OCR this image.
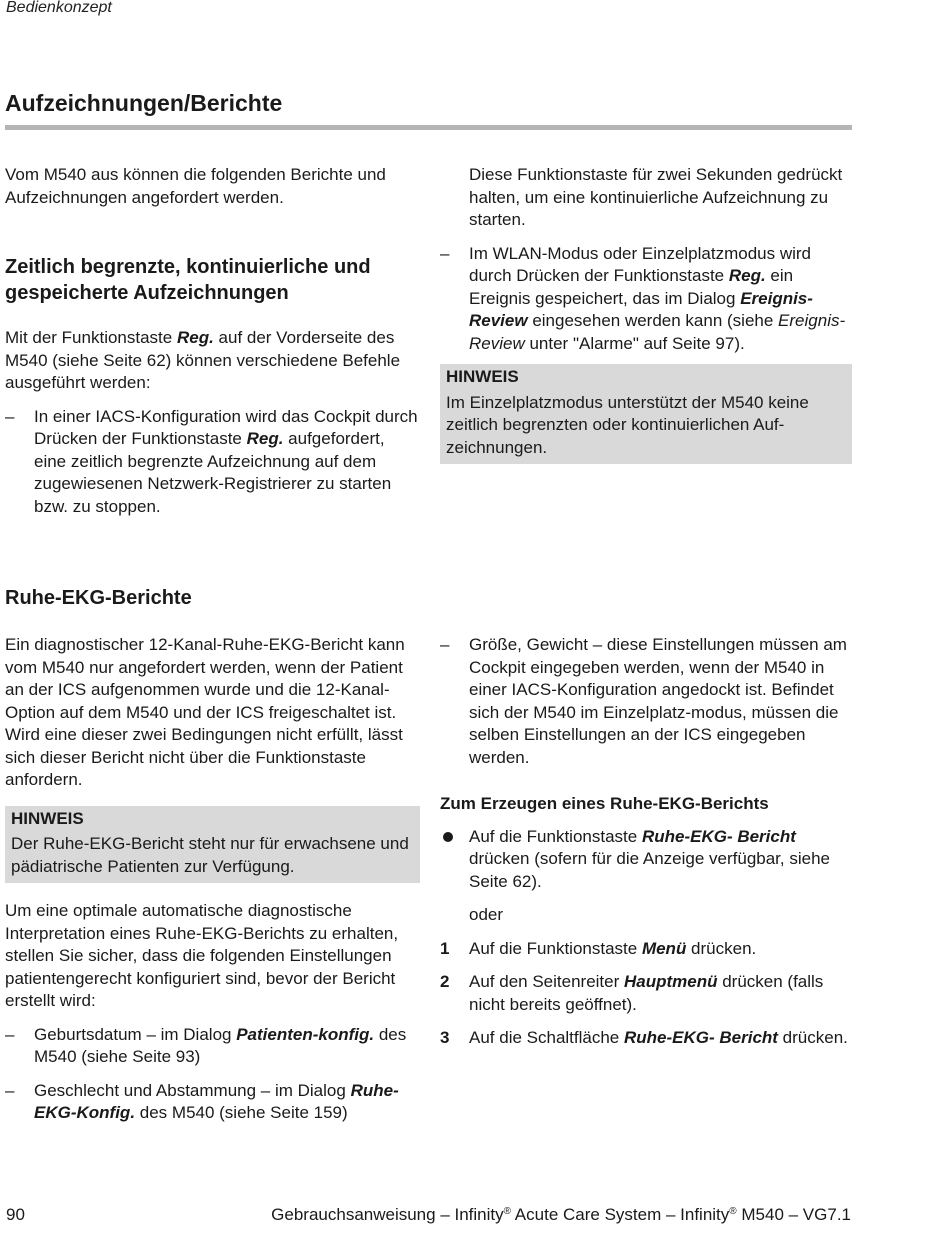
Bedienkonzept
Aufzeichnungen/Berichte

Vom M540 aus können die folgenden Berichte und Aufzeichnungen angefordert werden.

Zeitlich begrenzte, kontinuierliche und gespeicherte Aufzeichnungen

Mit der Funktionstaste Reg. auf der Vorderseite des M540 (siehe Seite 62) können verschiedene Befehle ausgeführt werden:

– In einer IACS-Konfiguration wird das Cockpit durch Drücken der Funktionstaste Reg. aufgefordert, eine zeitlich begrenzte Aufzeichnung auf dem zugewiesenen Netzwerk-Registrierer zu starten bzw. zu stoppen.
Diese Funktionstaste für zwei Sekunden gedrückt halten, um eine kontinuierliche Aufzeichnung zu starten.
– Im WLAN-Modus oder Einzelplatzmodus wird durch Drücken der Funktionstaste Reg. ein Ereignis gespeichert, das im Dialog Ereignis-Review eingesehen werden kann (siehe Ereignis-Review unter "Alarme" auf Seite 97).
HINWEIS
Im Einzelplatzmodus unterstützt der M540 keine zeitlich begrenzten oder kontinuierlichen Auf-zeichnungen.
Ruhe-EKG-Berichte

Ein diagnostischer 12-Kanal-Ruhe-EKG-Bericht kann vom M540 nur angefordert werden, wenn der Patient an der ICS aufgenommen wurde und die 12-Kanal-Option auf dem M540 und der ICS freigeschaltet ist. Wird eine dieser zwei Bedingungen nicht erfüllt, lässt sich dieser Bericht nicht über die Funktionstaste anfordern.

HINWEIS
Der Ruhe-EKG-Bericht steht nur für erwachsene und pädiatrische Patienten zur Verfügung.

Um eine optimale automatische diagnostische Interpretation eines Ruhe-EKG-Berichts zu erhalten, stellen Sie sicher, dass die folgenden Einstellungen patientengerecht konfiguriert sind, bevor der Bericht erstellt wird:

– Geburtsdatum – im Dialog Patienten-konfig. des M540 (siehe Seite 93)
– Geschlecht und Abstammung – im Dialog Ruhe-EKG-Konfig. des M540 (siehe Seite 159)
– Größe, Gewicht – diese Einstellungen müssen am Cockpit eingegeben werden, wenn der M540 in einer IACS-Konfiguration angedockt ist. Befindet sich der M540 im Einzelplatz-modus, müssen die selben Einstellungen an der ICS eingegeben werden.
Zum Erzeugen eines Ruhe-EKG-Berichts
Auf die Funktionstaste Ruhe-EKG- Bericht drücken (sofern für die Anzeige verfügbar, siehe Seite 62).
oder
1 Auf die Funktionstaste Menü drücken.
2 Auf den Seitenreiter Hauptmenü drücken (falls nicht bereits geöffnet).
3 Auf die Schaltfläche Ruhe-EKG- Bericht drücken.
90	Gebrauchsanweisung – Infinity® Acute Care System – Infinity® M540 – VG7.1
